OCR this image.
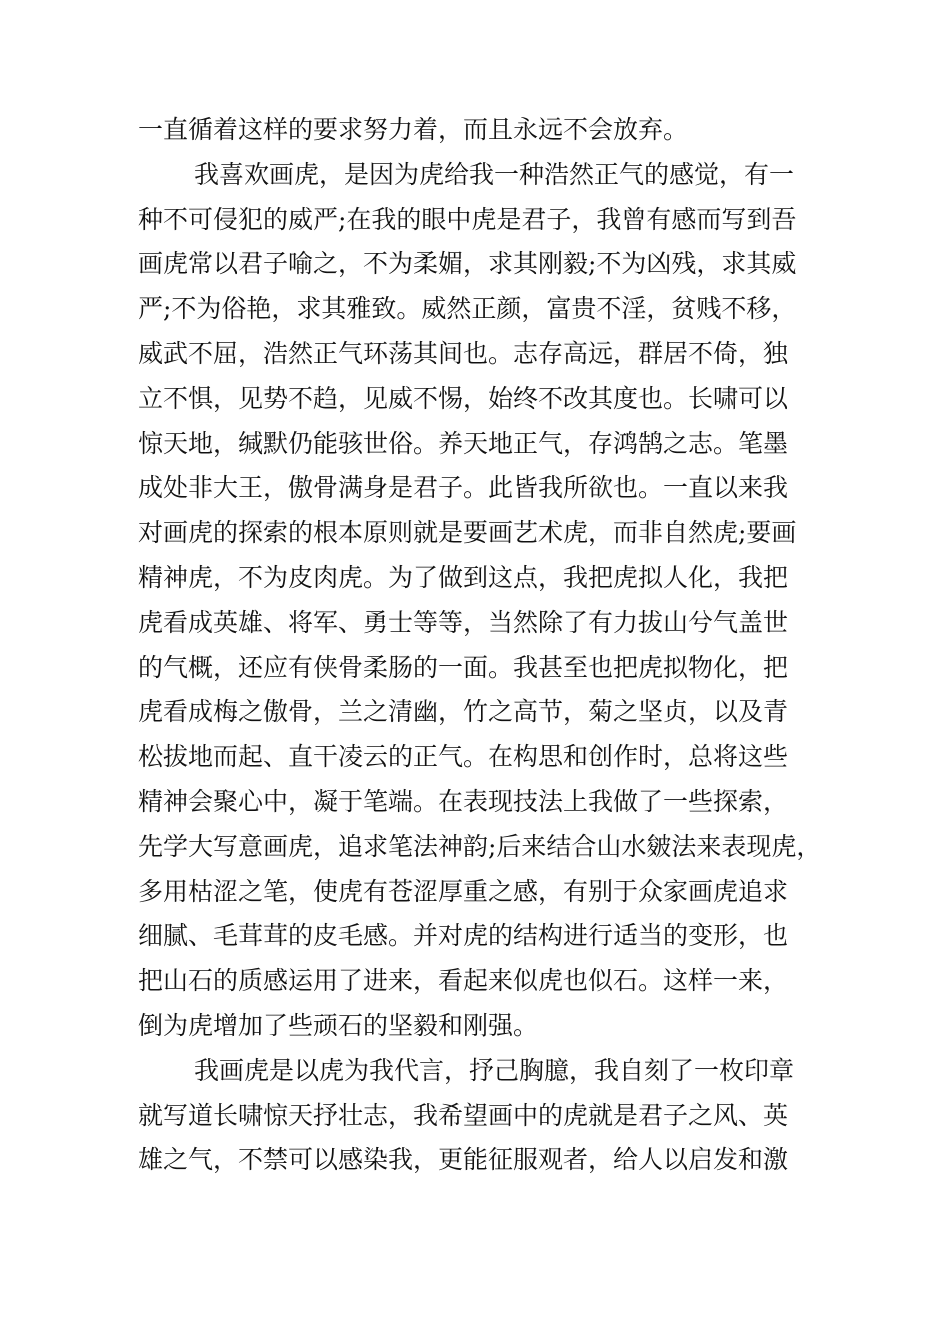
一直循着这样的要求努力着，而且永远不会放弃。
我喜欢画虎，是因为虎给我一种浩然正气的感觉，有一
种不可侵犯的威严;在我的眼中虎是君子，我曾有感而写到吾
画虎常以君子喻之，不为柔媚，求其刚毅;不为凶残，求其威
严;不为俗艳，求其雅致。威然正颜，富贵不淫，贫贱不移，
威武不屈，浩然正气环荡其间也。志存高远，群居不倚，独
立不惧，见势不趋，见威不惕，始终不改其度也。长啸可以
惊天地，缄默仍能骇世俗。养天地正气，存鸿鹄之志。笔墨
成处非大王，傲骨满身是君子。此皆我所欲也。一直以来我
对画虎的探索的根本原则就是要画艺术虎，而非自然虎;要画
精神虎，不为皮肉虎。为了做到这点，我把虎拟人化，我把
虎看成英雄、将军、勇士等等，当然除了有力拔山兮气盖世
的气概，还应有侠骨柔肠的一面。我甚至也把虎拟物化，把
虎看成梅之傲骨，兰之清幽，竹之高节，菊之坚贞，以及青
松拔地而起、直干凌云的正气。在构思和创作时，总将这些
精神会聚心中，凝于笔端。在表现技法上我做了一些探索，
先学大写意画虎，追求笔法神韵;后来结合山水皴法来表现虎，
多用枯涩之笔，使虎有苍涩厚重之感，有别于众家画虎追求
细腻、毛茸茸的皮毛感。并对虎的结构进行适当的变形，也
把山石的质感运用了进来，看起来似虎也似石。这样一来，
倒为虎增加了些顽石的坚毅和刚强。
我画虎是以虎为我代言，抒己胸臆，我自刻了一枚印章
就写道长啸惊天抒壮志，我希望画中的虎就是君子之风、英
雄之气，不禁可以感染我，更能征服观者，给人以启发和激
